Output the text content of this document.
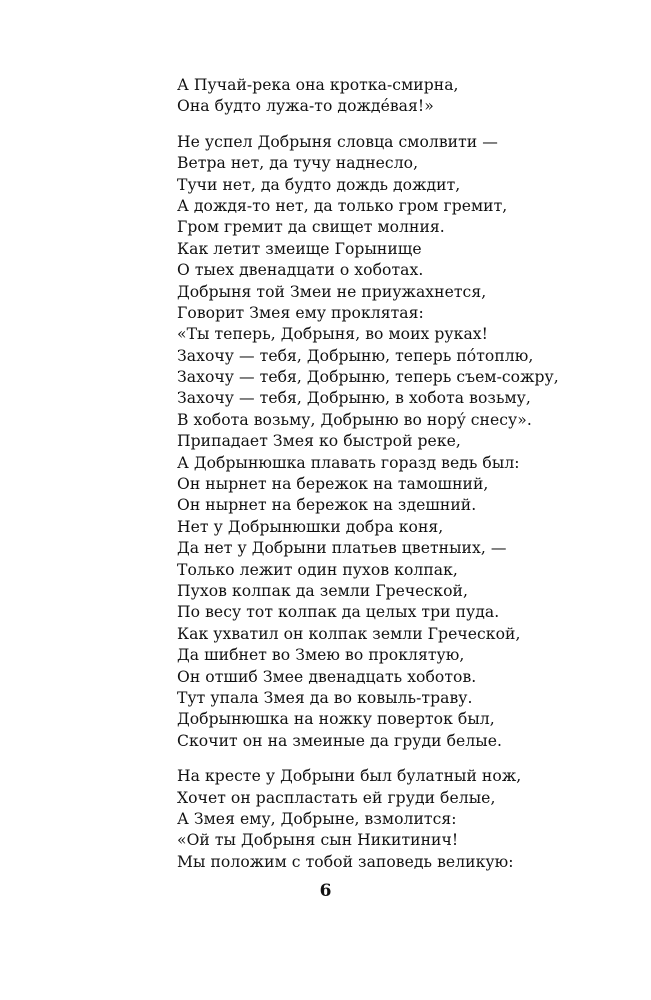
А Пучай-река она кротка-смирна,
Она будто лужа-то дождéвая!»
Не успел Добрыня словца смолвити —
Ветра нет, да тучу наднесло,
Тучи нет, да будто дождь дождит,
А дождя-то нет, да только гром гремит,
Гром гремит да свищет молния.
Как летит змеище Горынище
О тыех двенадцати о хоботах.
Добрыня той Змеи не приужахнется,
Говорит Змея ему проклятая:
«Ты теперь, Добрыня, во моих руках!
Захочу — тебя, Добрыню, теперь пóтоплю,
Захочу — тебя, Добрыню, теперь съем-сожру,
Захочу — тебя, Добрыню, в хобота возьму,
В хобота возьму, Добрыню во норý снесу».
Припадает Змея ко быстрой реке,
А Добрынюшка плавать горазд ведь был:
Он нырнет на бережок на тамошний,
Он нырнет на бережок на здешний.
Нет у Добрынюшки добра коня,
Да нет у Добрыни платьев цветныих, —
Только лежит один пухов колпак,
Пухов колпак да земли Греческой,
По весу тот колпак да целых три пуда.
Как ухватил он колпак земли Греческой,
Да шибнет во Змею во проклятую,
Он отшиб Змее двенадцать хоботов.
Тут упала Змея да во ковыль-траву.
Добрынюшка на ножку поверток был,
Скочит он на змеиные да груди белые.
На кресте у Добрыни был булатный нож,
Хочет он распластать ей груди белые,
А Змея ему, Добрыне, взмолится:
«Ой ты Добрыня сын Никитинич!
Мы положим с тобой заповедь великую:
6
